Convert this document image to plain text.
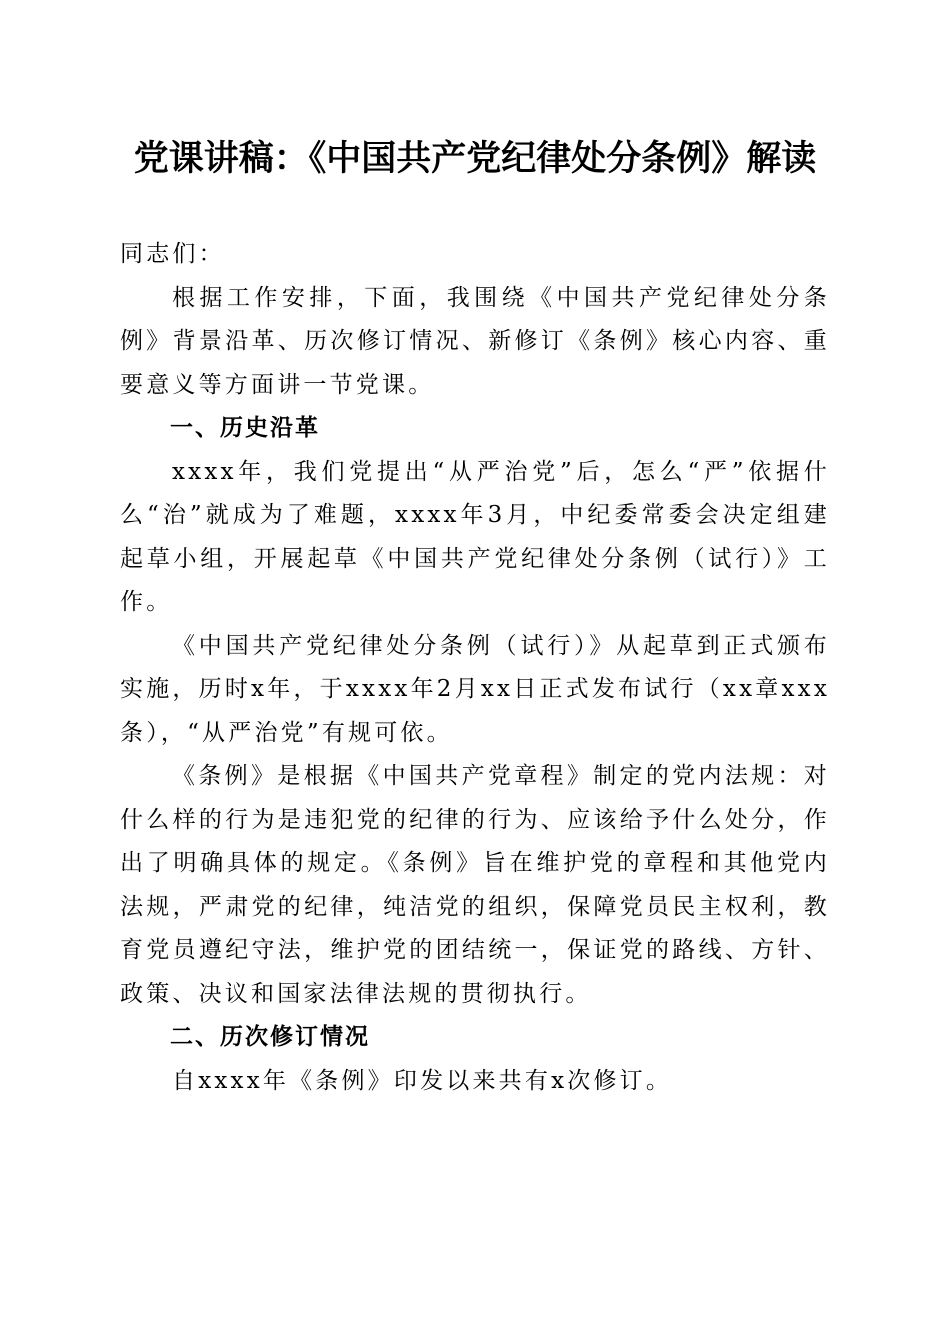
党课讲稿：《中国共产党纪律处分条例》解读

同志们：

根据工作安排，下面，我围绕《中国共产党纪律处分条例》背景沿革、历次修订情况、新修订《条例》核心内容、重要意义等方面讲一节党课。

一、历史沿革

xxxx年，我们党提出“从严治党”后，怎么“严”依据什么“治”就成为了难题，xxxx年3月，中纪委常委会决定组建起草小组，开展起草《中国共产党纪律处分条例（试行）》工作。

《中国共产党纪律处分条例（试行）》从起草到正式颁布实施，历时x年，于xxxx年2月xx日正式发布试行（xx章xxx条），“从严治党”有规可依。

《条例》是根据《中国共产党章程》制定的党内法规：对什么样的行为是违犯党的纪律的行为、应该给予什么处分，作出了明确具体的规定。《条例》旨在维护党的章程和其他党内法规，严肃党的纪律，纯洁党的组织，保障党员民主权利，教育党员遵纪守法，维护党的团结统一，保证党的路线、方针、政策、决议和国家法律法规的贯彻执行。

二、历次修订情况

自xxxx年《条例》印发以来共有x次修订。
